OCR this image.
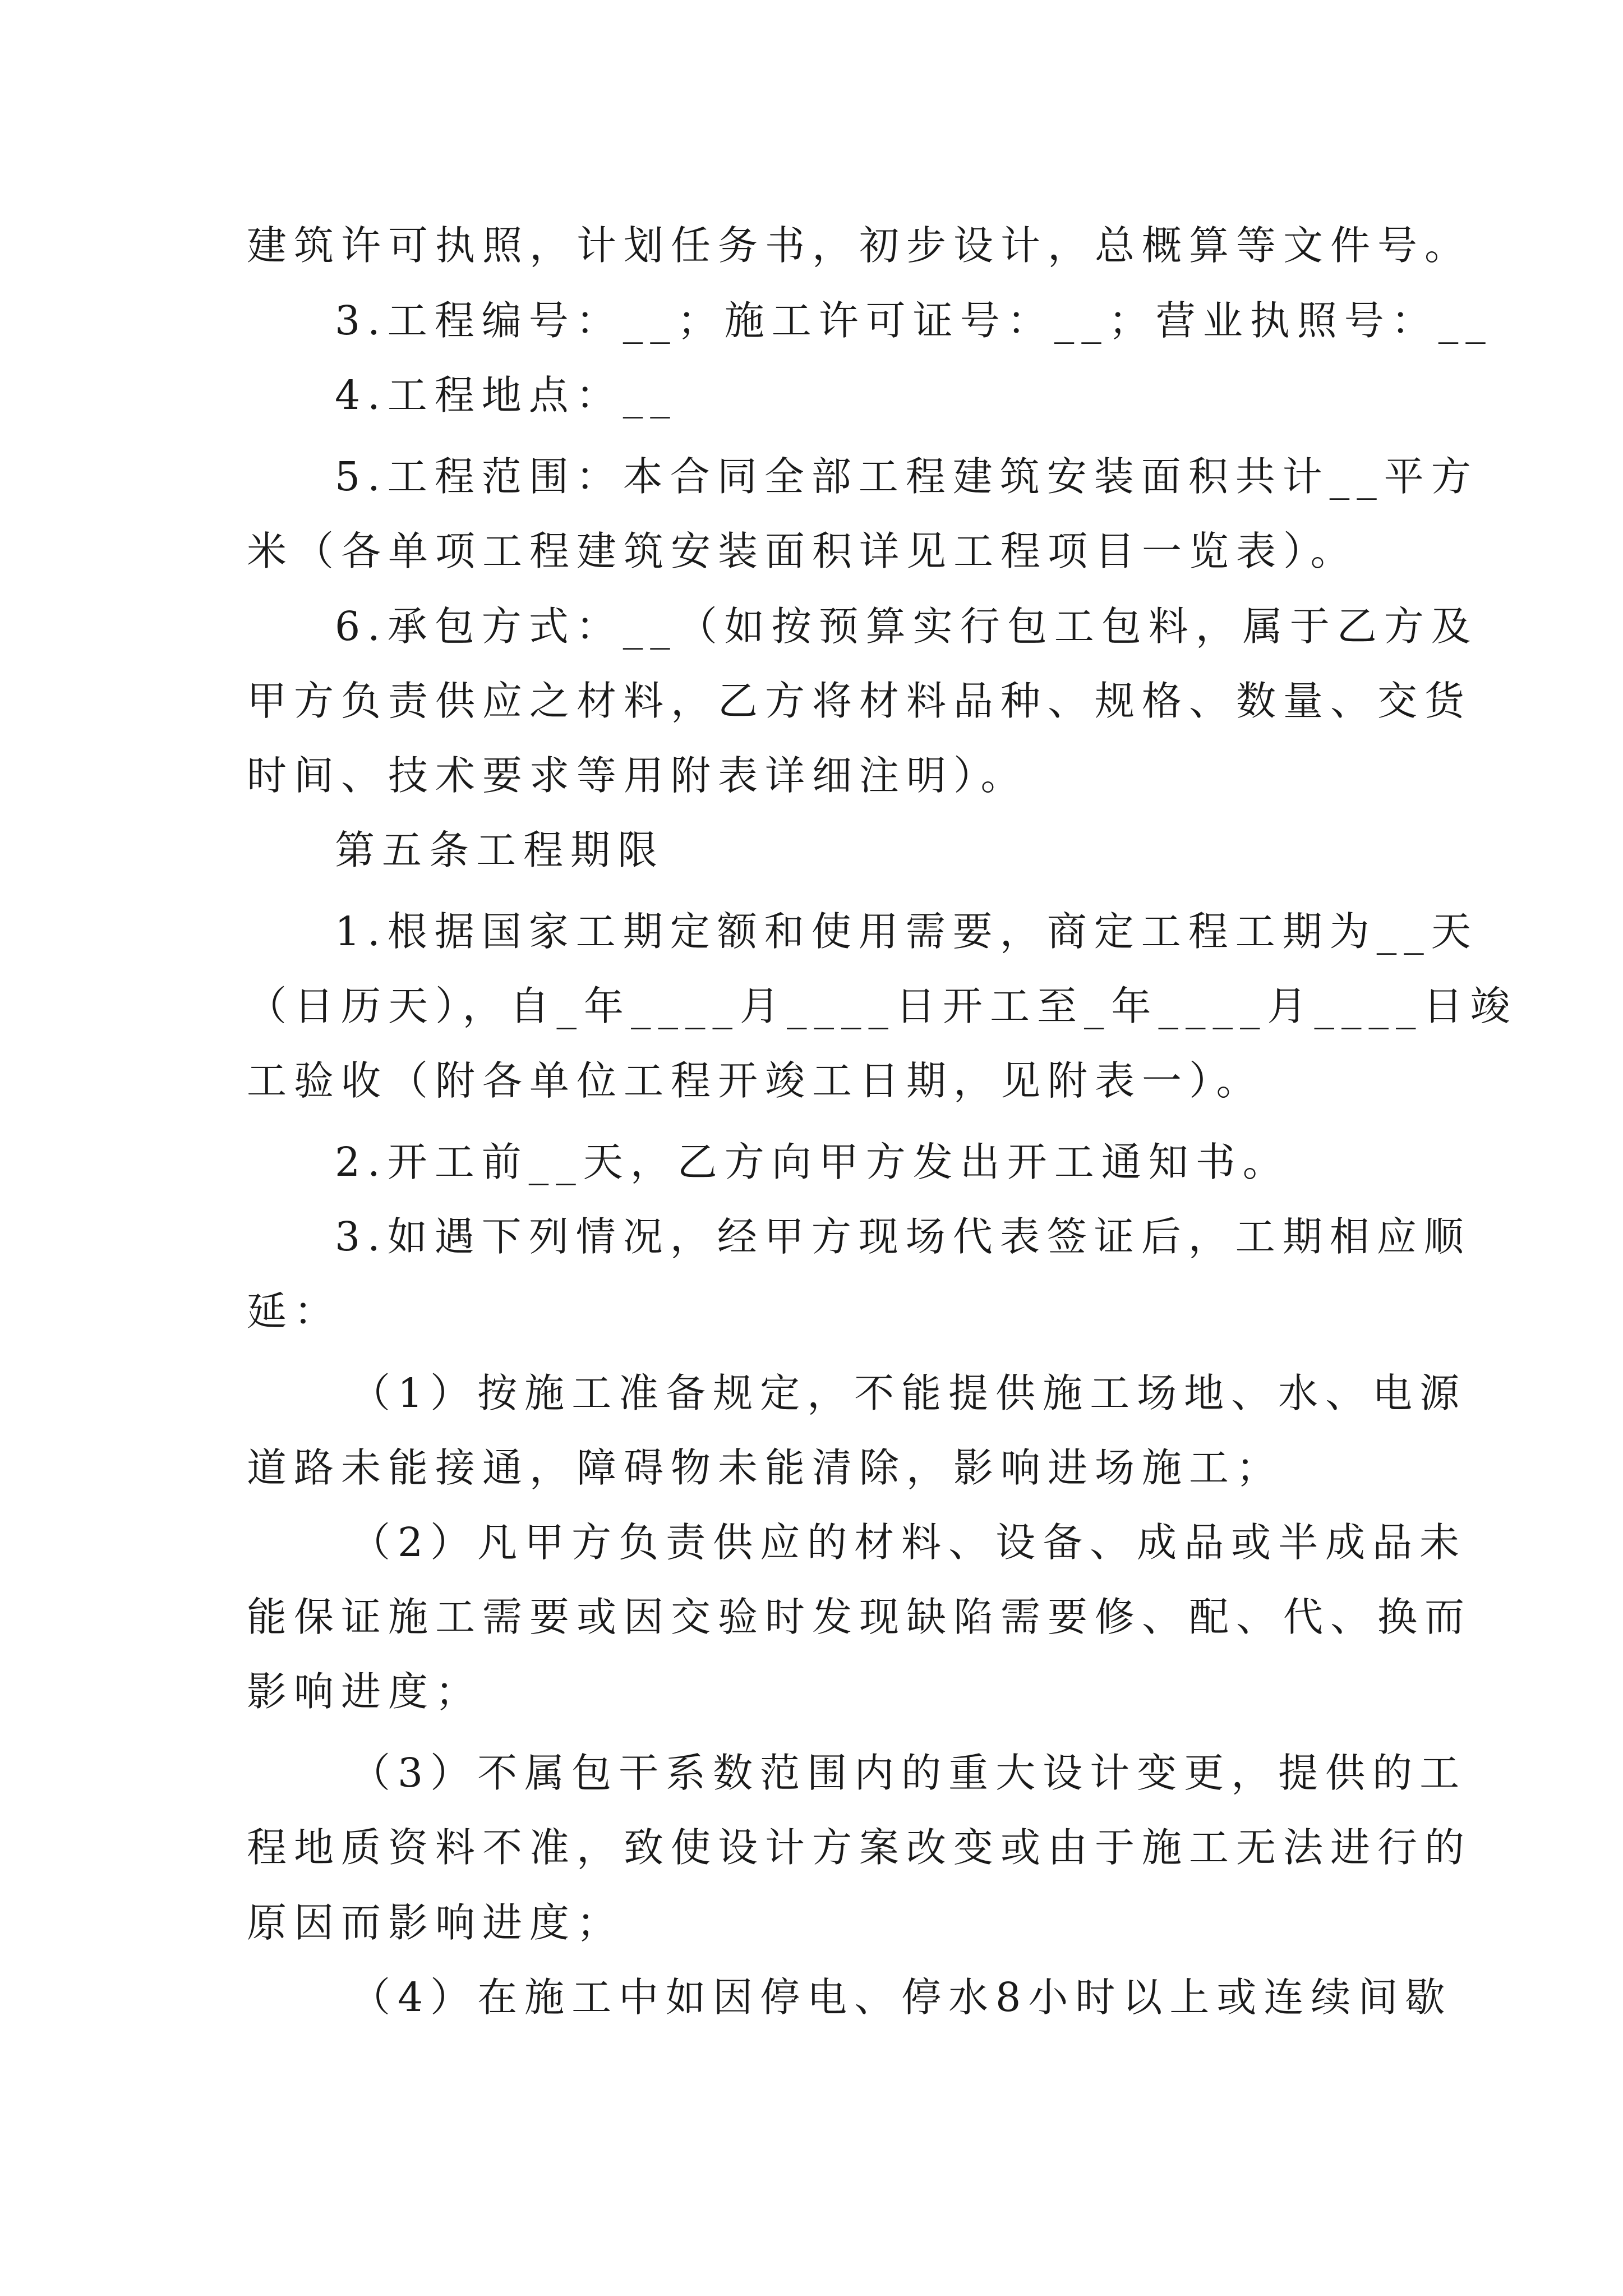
建筑许可执照，计划任务书，初步设计，总概算等文件号。
3.工程编号：__；施工许可证号：__；营业执照号：__
4.工程地点：__
5.工程范围：本合同全部工程建筑安装面积共计__平方
米（各单项工程建筑安装面积详见工程项目一览表）。
6.承包方式：__（如按预算实行包工包料，属于乙方及
甲方负责供应之材料，乙方将材料品种、规格、数量、交货
时间、技术要求等用附表详细注明）。
第五条工程期限
1.根据国家工期定额和使用需要，商定工程工期为__天
（日历天），自_年____月____日开工至_年____月____日竣
工验收（附各单位工程开竣工日期，见附表一）。
2.开工前__天，乙方向甲方发出开工通知书。
3.如遇下列情况，经甲方现场代表签证后，工期相应顺
延：
（1）按施工准备规定，不能提供施工场地、水、电源
道路未能接通，障碍物未能清除，影响进场施工；
（2）凡甲方负责供应的材料、设备、成品或半成品未
能保证施工需要或因交验时发现缺陷需要修、配、代、换而
影响进度；
（3）不属包干系数范围内的重大设计变更，提供的工
程地质资料不准，致使设计方案改变或由于施工无法进行的
原因而影响进度；
（4）在施工中如因停电、停水8小时以上或连续间歇
